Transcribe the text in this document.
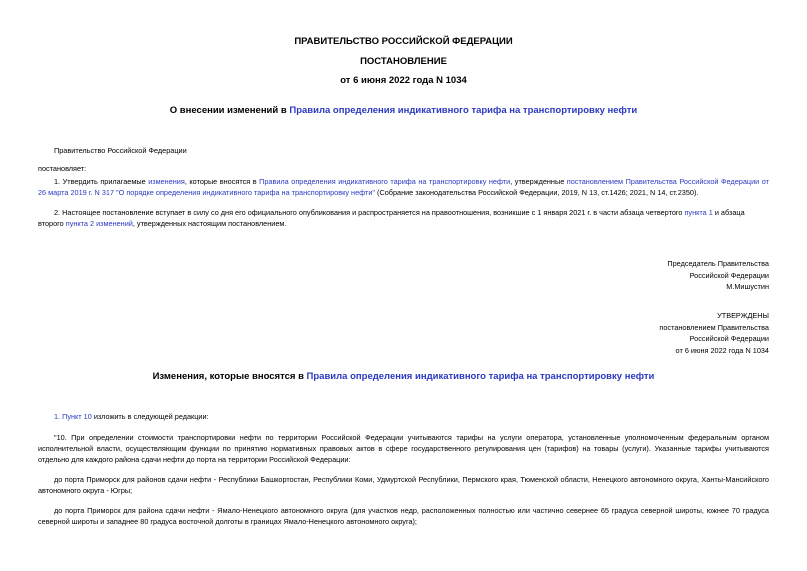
ПРАВИТЕЛЬСТВО РОССИЙСКОЙ ФЕДЕРАЦИИ
ПОСТАНОВЛЕНИЕ
от 6 июня 2022 года N 1034
О внесении изменений в Правила определения индикативного тарифа на транспортировку нефти
Правительство Российской Федерации
постановляет:
1. Утвердить прилагаемые изменения, которые вносятся в Правила определения индикативного тарифа на транспортировку нефти, утвержденные постановлением Правительства Российской Федерации от 26 марта 2019 г. N 317 "О порядке определения индикативного тарифа на транспортировку нефти" (Собрание законодательства Российской Федерации, 2019, N 13, ст.1426; 2021, N 14, ст.2350).
2. Настоящее постановление вступает в силу со дня его официального опубликования и распространяется на правоотношения, возникшие с 1 января 2021 г. в части абзаца четвертого пункта 1 и абзаца второго пункта 2 изменений, утвержденных настоящим постановлением.
Председатель Правительства
Российской Федерации
М.Мишустин
УТВЕРЖДЕНЫ
постановлением Правительства
Российской Федерации
от 6 июня 2022 года N 1034
Изменения, которые вносятся в Правила определения индикативного тарифа на транспортировку нефти
1. Пункт 10 изложить в следующей редакции:
"10. При определении стоимости транспортировки нефти по территории Российской Федерации учитываются тарифы на услуги оператора, установленные уполномоченным федеральным органом исполнительной власти, осуществляющим функции по принятию нормативных правовых актов в сфере государственного регулирования цен (тарифов) на товары (услуги). Указанные тарифы учитываются отдельно для каждого района сдачи нефти до порта на территории Российской Федерации:
до порта Приморск для районов сдачи нефти - Республики Башкортостан, Республики Коми, Удмуртской Республики, Пермского края, Тюменской области, Ненецкого автономного округа, Ханты-Мансийского автономного округа - Югры;
до порта Приморск для района сдачи нефти - Ямало-Ненецкого автономного округа (для участков недр, расположенных полностью или частично севернее 65 градуса северной широты, южнее 70 градуса северной широты и западнее 80 градуса восточной долготы в границах Ямало-Ненецкого автономного округа);
